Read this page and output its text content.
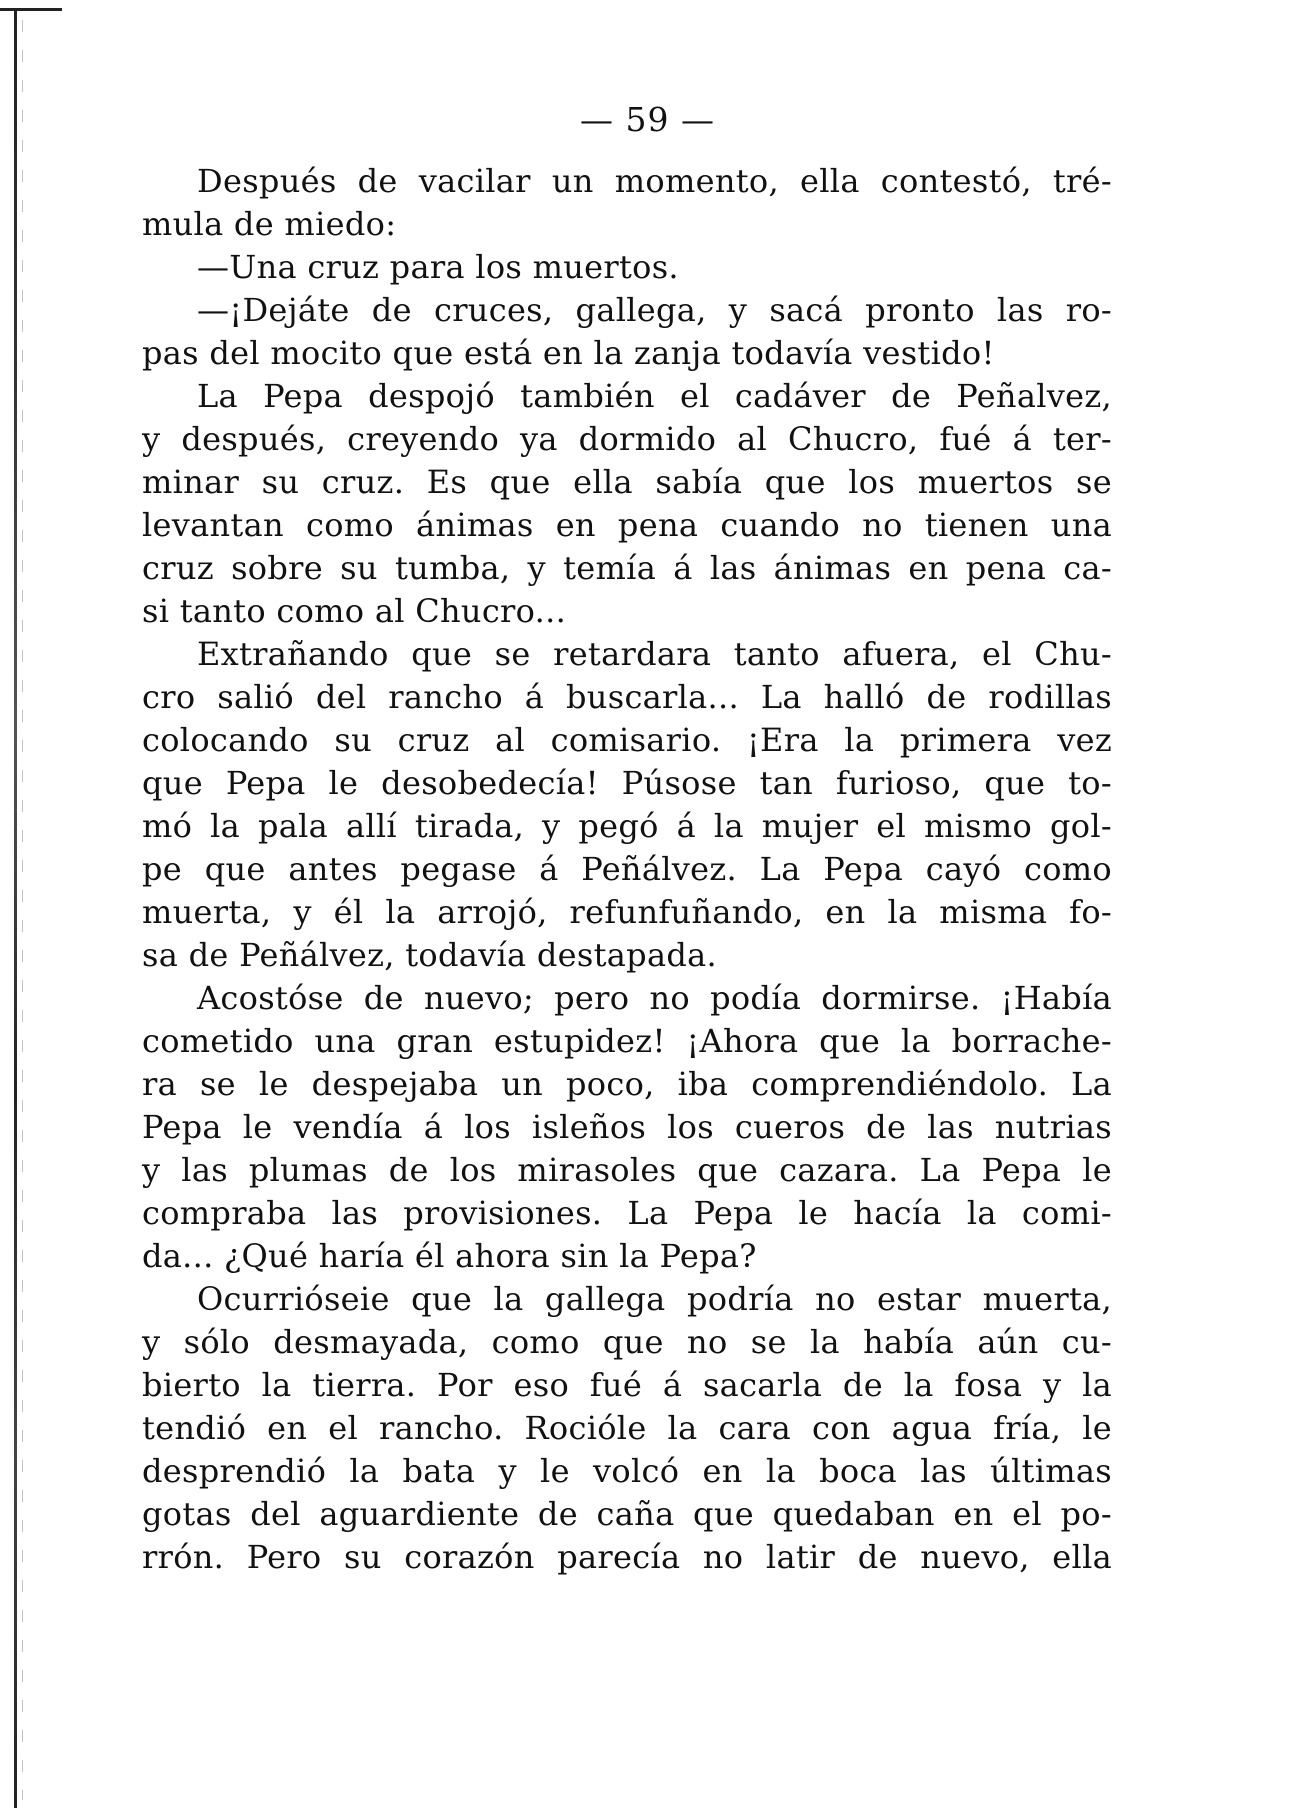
— 59 —
Después de vacilar un momento, ella contestó, tré-
mula de miedo:
—Una cruz para los muertos.
—¡Dejáte de cruces, gallega, y sacá pronto las ro-
pas del mocito que está en la zanja todavía vestido!
La Pepa despojó también el cadáver de Peñalvez,
y después, creyendo ya dormido al Chucro, fué á ter-
minar su cruz. Es que ella sabía que los muertos se
levantan como ánimas en pena cuando no tienen una
cruz sobre su tumba, y temía á las ánimas en pena ca-
si tanto como al Chucro...
Extrañando que se retardara tanto afuera, el Chu-
cro salió del rancho á buscarla... La halló de rodillas
colocando su cruz al comisario. ¡Era la primera vez
que Pepa le desobedecía! Púsose tan furioso, que to-
mó la pala allí tirada, y pegó á la mujer el mismo gol-
pe que antes pegase á Peñálvez. La Pepa cayó como
muerta, y él la arrojó, refunfuñando, en la misma fo-
sa de Peñálvez, todavía destapada.
Acostóse de nuevo; pero no podía dormirse. ¡Había
cometido una gran estupidez! ¡Ahora que la borrache-
ra se le despejaba un poco, iba comprendiéndolo. La
Pepa le vendía á los isleños los cueros de las nutrias
y las plumas de los mirasoles que cazara. La Pepa le
compraba las provisiones. La Pepa le hacía la comi-
da... ¿Qué haría él ahora sin la Pepa?
Ocurrióseie que la gallega podría no estar muerta,
y sólo desmayada, como que no se la había aún cu-
bierto la tierra. Por eso fué á sacarla de la fosa y la
tendió en el rancho. Rocióle la cara con agua fría, le
desprendió la bata y le volcó en la boca las últimas
gotas del aguardiente de caña que quedaban en el po-
rrón. Pero su corazón parecía no latir de nuevo, ella
